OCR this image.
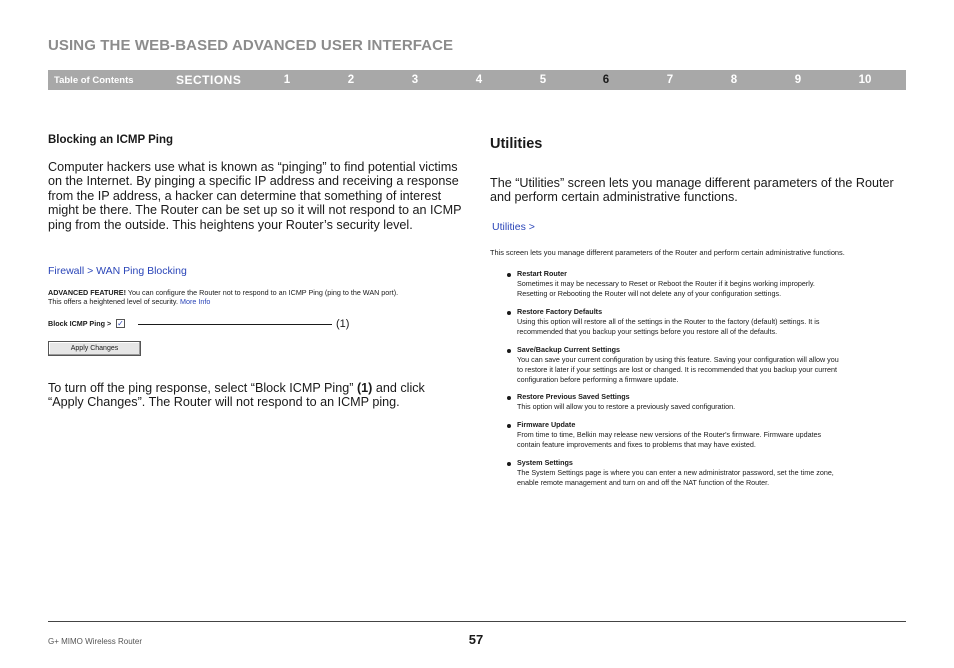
USING THE WEB-BASED ADVANCED USER INTERFACE
Table of Contents	SECTIONS	1	2	3	4	5	6	7	8	9	10
Blocking an ICMP Ping
Computer hackers use what is known as “pinging” to find potential victims on the Internet. By pinging a specific IP address and receiving a response from the IP address, a hacker can determine that something of interest might be there. The Router can be set up so it will not respond to an ICMP ping from the outside. This heightens your Router’s security level.
Firewall > WAN Ping Blocking
ADVANCED FEATURE! You can configure the Router not to respond to an ICMP Ping (ping to the WAN port).
This offers a heightened level of security. More Info
Block ICMP Ping > ✓	(1)
Apply Changes
To turn off the ping response, select “Block ICMP Ping” (1) and click “Apply Changes”. The Router will not respond to an ICMP ping.
Utilities
The “Utilities” screen lets you manage different parameters of the Router and perform certain administrative functions.
Utilities >
This screen lets you manage different parameters of the Router and perform certain administrative functions.
Restart Router
Sometimes it may be necessary to Reset or Reboot the Router if it begins working improperly.
Resetting or Rebooting the Router will not delete any of your configuration settings.
Restore Factory Defaults
Using this option will restore all of the settings in the Router to the factory (default) settings. It is
recommended that you backup your settings before you restore all of the defaults.
Save/Backup Current Settings
You can save your current configuration by using this feature. Saving your configuration will allow you
to restore it later if your settings are lost or changed. It is recommended that you backup your current
configuration before performing a firmware update.
Restore Previous Saved Settings
This option will allow you to restore a previously saved configuration.
Firmware Update
From time to time, Belkin may release new versions of the Router's firmware. Firmware updates
contain feature improvements and fixes to problems that may have existed.
System Settings
The System Settings page is where you can enter a new administrator password, set the time zone,
enable remote management and turn on and off the NAT function of the Router.
G+ MIMO Wireless Router	57
